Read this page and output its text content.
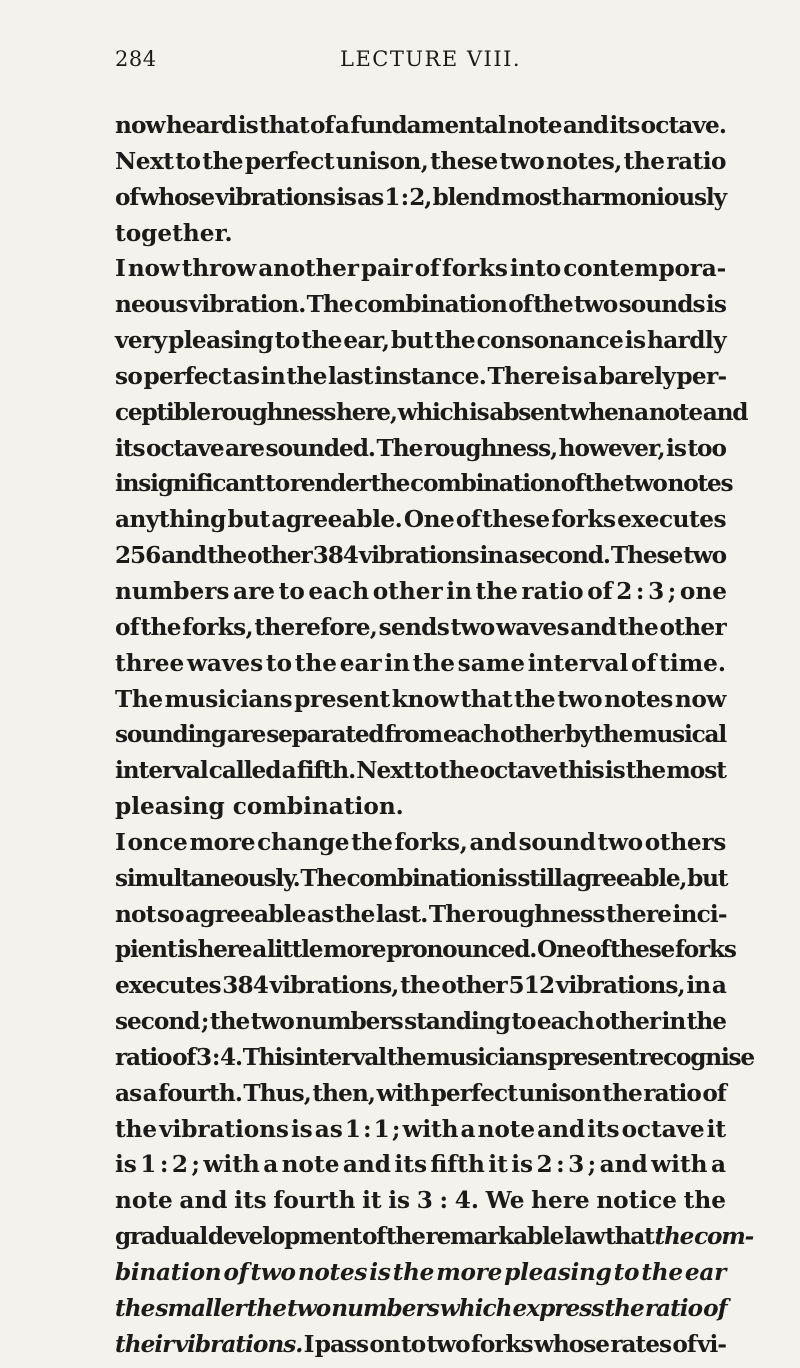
284	LECTURE VIII.
now heard is that of a fundamental note and its octave.
Next to the perfect unison, these two notes, the ratio
of whose vibrations is as 1 : 2, blend most harmoniously
together.
I now throw another pair of forks into contempora-
neous vibration. The combination of the two sounds is
very pleasing to the ear, but the consonance is hardly
so perfect as in the last instance. There is a barely per-
ceptible roughness here, which is absent when a note and
its octave are sounded. The roughness, however, is too
insignificant to render the combination of the two notes
anything but agreeable. One of these forks executes
256 and the other 384 vibrations in a second. These two
numbers are to each other in the ratio of 2 : 3 ; one
of the forks, therefore, sends two waves and the other
three waves to the ear in the same interval of time.
The musicians present know that the two notes now
sounding are separated from each other by the musical
interval called a fifth. Next to the octave this is the most
pleasing combination.
I once more change the forks, and sound two others
simultaneously. The combination is still agreeable, but
not so agreeable as the last. The roughness there inci-
pient is here a little more pronounced. One of these forks
executes 384 vibrations, the other 512 vibrations, in a
second ; the two numbers standing to each other in the
ratio of 3 : 4. This interval the musicians present recognise
as a fourth. Thus, then, with perfect unison the ratio of
the vibrations is as 1 : 1 ; with a note and its octave it
is 1 : 2 ; with a note and its fifth it is 2 : 3 ; and with a
note and its fourth it is 3 : 4. We here notice the
gradual development of the remarkable law that the com-
bination of two notes is the more pleasing to the ear
the smaller the two numbers which express the ratio of
their vibrations. I pass on to two forks whose rates of vi-
